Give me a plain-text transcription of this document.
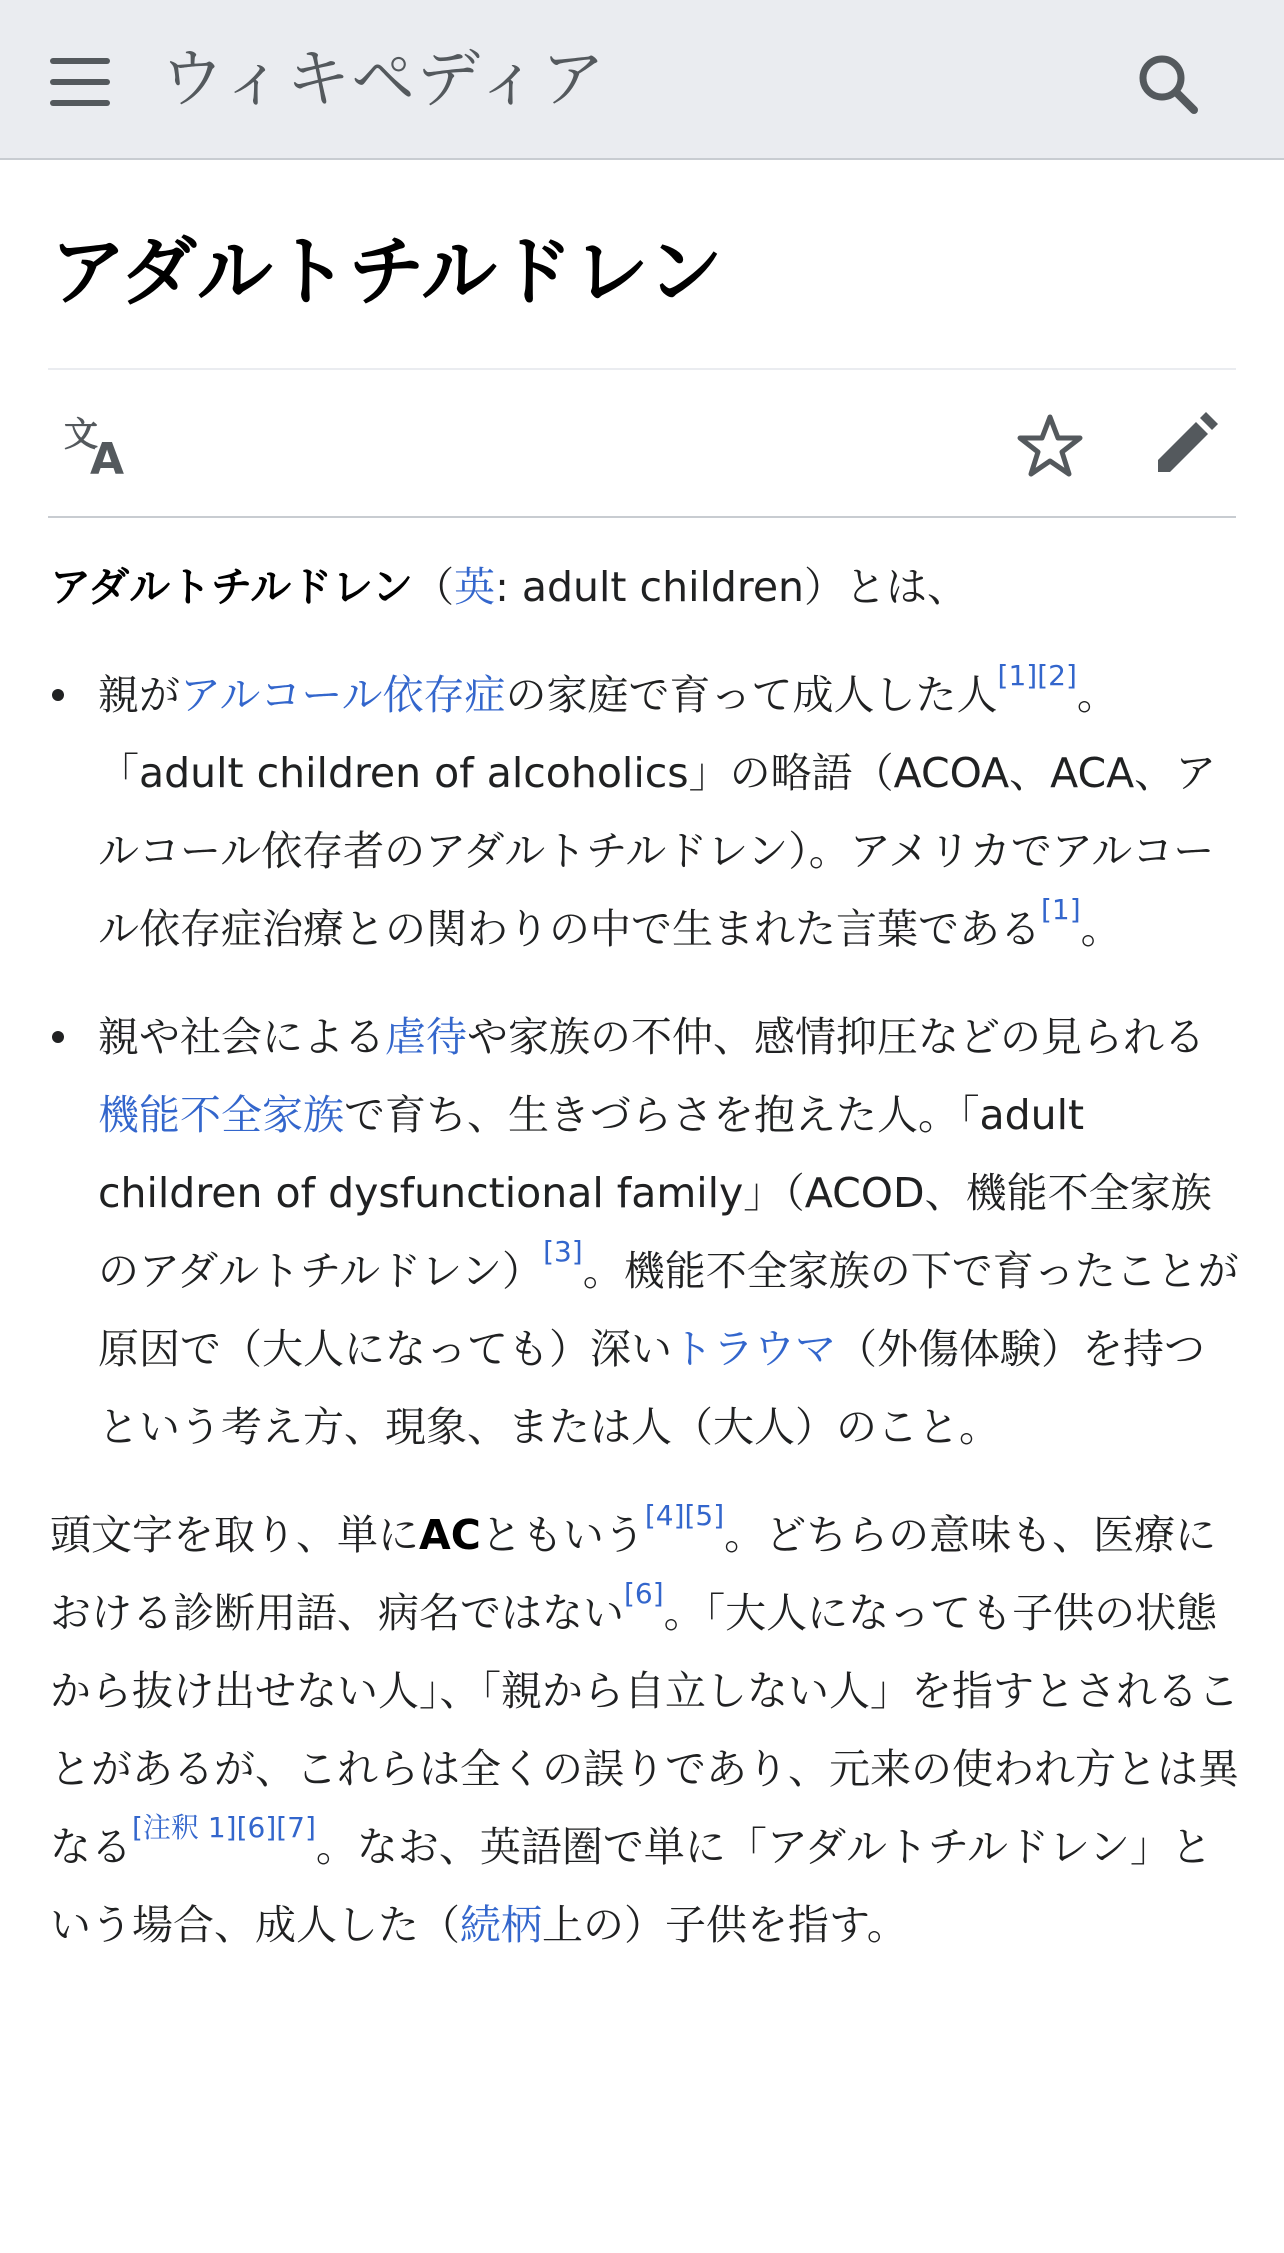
ウィキペディア
アダルトチルドレン
文
A

アダルトチルドレン（英: adult children）とは、

親がアルコール依存症の家庭で育って成人した人[1][2]。「adult children of alcoholics」の略語（ACOA、ACA、アルコール依存者のアダルトチルドレン）。アメリカでアルコール依存症治療との関わりの中で生まれた言葉である[1]。
親や社会による虐待や家族の不仲、感情抑圧などの見られる機能不全家族で育ち、生きづらさを抱えた人。「adult children of dysfunctional family」（ACOD、機能不全家族のアダルトチルドレン）[3]。機能不全家族の下で育ったことが原因で（大人になっても）深いトラウマ（外傷体験）を持つという考え方、現象、または人（大人）のこと。

頭文字を取り、単にACともいう[4][5]。どちらの意味も、医療における診断用語、病名ではない[6]。「大人になっても子供の状態から抜け出せない人」、「親から自立しない人」を指すとされることがあるが、これらは全くの誤りであり、元来の使われ方とは異なる[注釈 1][6][7]。なお、英語圏で単に「アダルトチルドレン」という場合、成人した（続柄上の）子供を指す。
